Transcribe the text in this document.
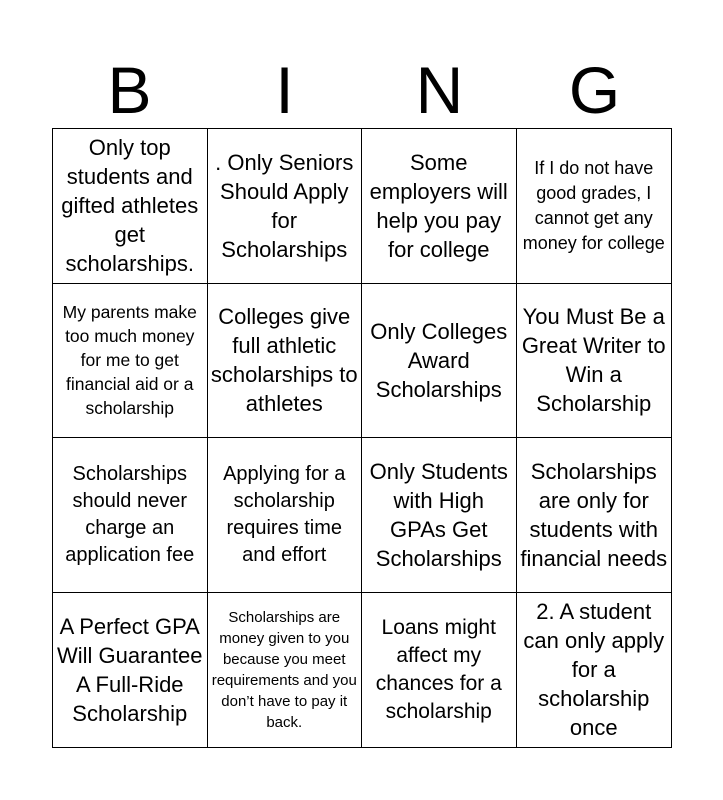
B	I	N	G
Only top students and gifted athletes get scholarships.
. Only Seniors Should Apply for Scholarships
Some employers will help you pay for college
If I do not have good grades, I cannot get any money for college
My parents make too much money for me to get financial aid or a scholarship
Colleges give full athletic scholarships to athletes
Only Colleges Award Scholarships
You Must Be a Great Writer to Win a Scholarship
Scholarships should never charge an application fee
Applying for a scholarship requires time and effort
Only Students with High GPAs Get Scholarships
Scholarships are only for students with financial needs
A Perfect GPA Will Guarantee A Full-Ride Scholarship
Scholarships are money given to you because you meet requirements and you don’t have to pay it back.
Loans might affect my chances for a scholarship
2. A student can only apply for a scholarship once
